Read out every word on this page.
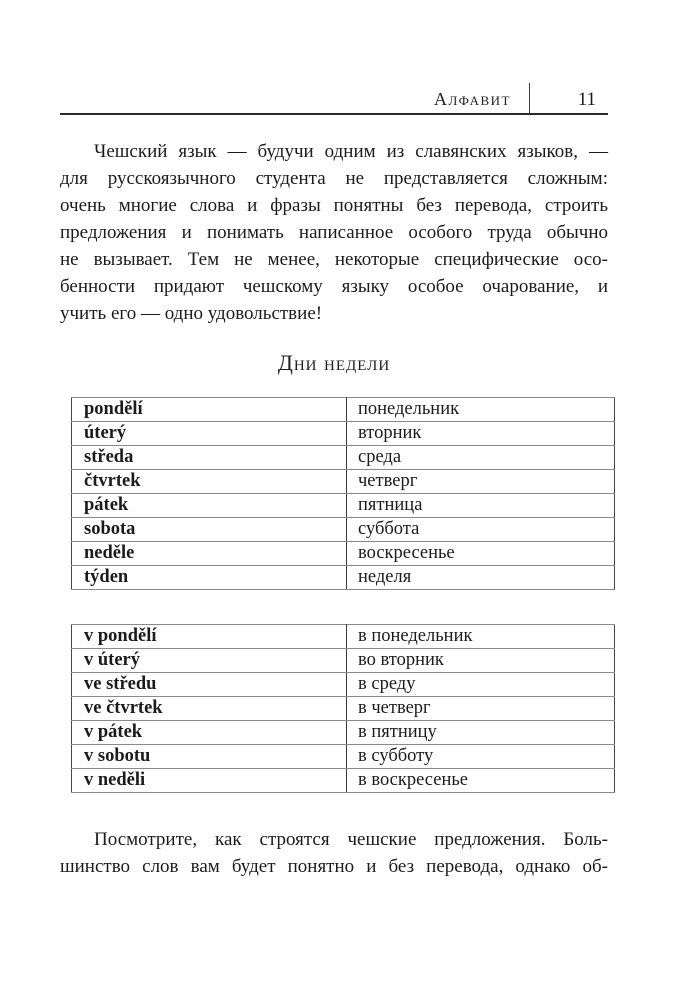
Алфавит	11
Чешский язык — будучи одним из славянских языков, —
для русскоязычного студента не представляется сложным:
очень многие слова и фразы понятны без перевода, строить
предложения и понимать написанное особого труда обычно
не вызывает. Тем не менее, некоторые специфические осо-
бенности придают чешскому языку особое очарование, и
учить его — одно удовольствие!
Дни недели
pondělí	понедельник
úterý	вторник
středa	среда
čtvrtek	четверг
pátek	пятница
sobota	суббота
neděle	воскресенье
týden	неделя
v pondělí	в понедельник
v úterý	во вторник
ve středu	в среду
ve čtvrtek	в четверг
v pátek	в пятницу
v sobotu	в субботу
v neděli	в воскресенье
Посмотрите, как строятся чешские предложения. Боль-
шинство слов вам будет понятно и без перевода, однако об-
